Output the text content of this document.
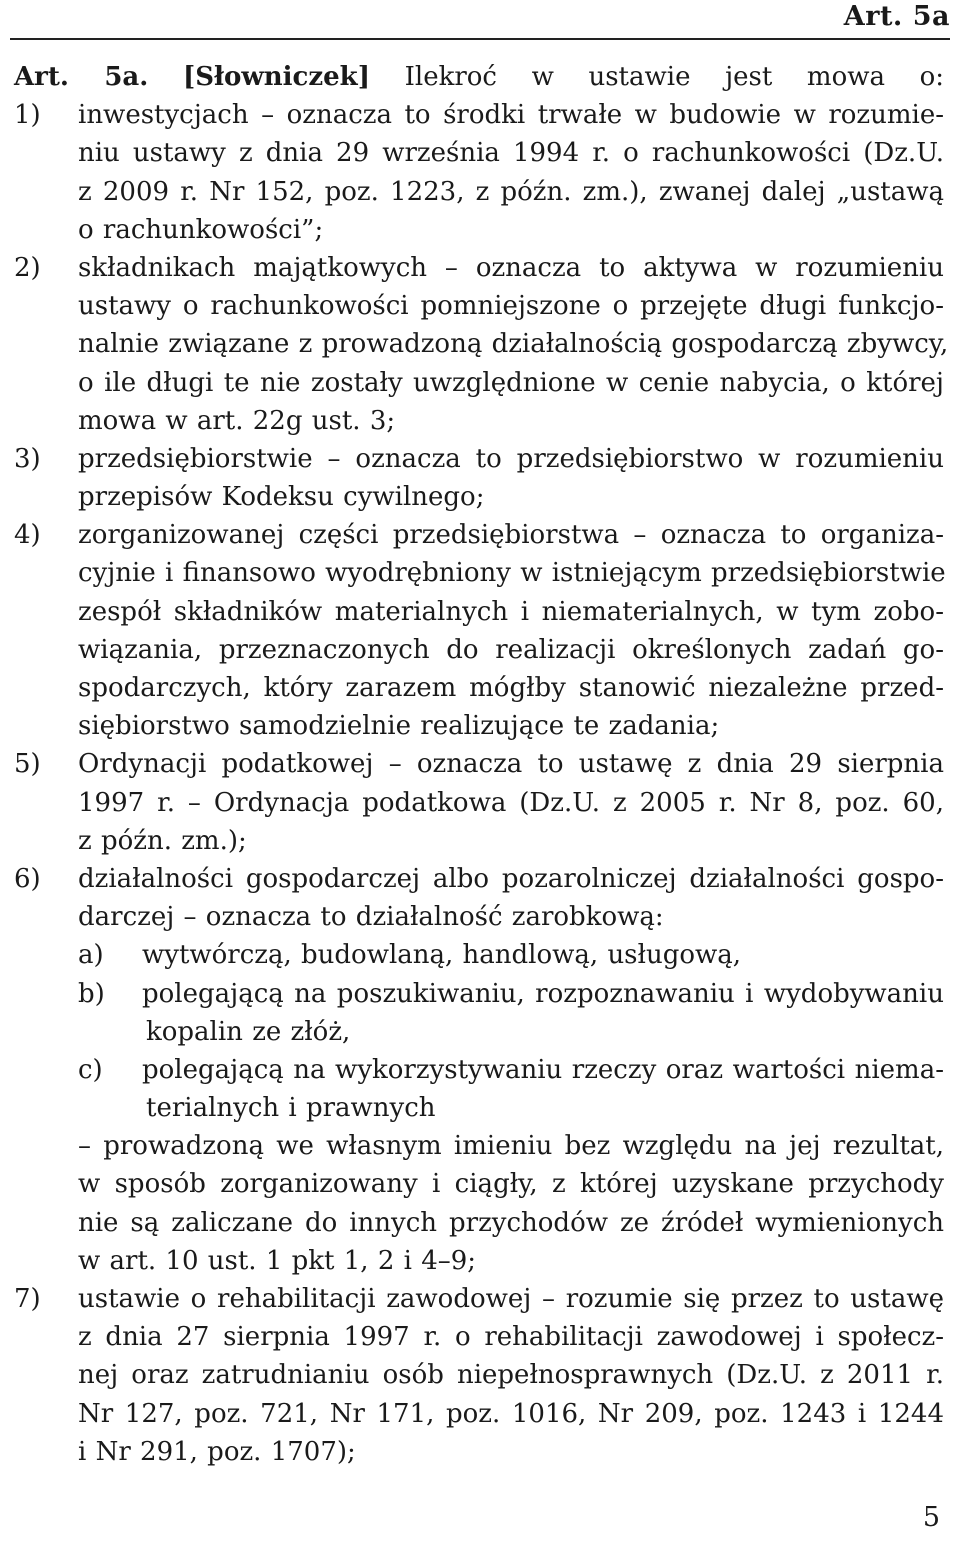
Art. 5a
Art. 5a. [Słowniczek] Ilekroć w ustawie jest mowa o:
1)	inwestycjach – oznacza to środki trwałe w budowie w rozumie-
niu ustawy z dnia 29 września 1994 r. o rachunkowości (Dz.U.
z 2009 r. Nr 152, poz. 1223, z późn. zm.), zwanej dalej „ustawą
o rachunkowości”;
2)	składnikach majątkowych – oznacza to aktywa w rozumieniu
ustawy o rachunkowości pomniejszone o przejęte długi funkcjo-
nalnie związane z prowadzoną działalnością gospodarczą zbywcy,
o ile długi te nie zostały uwzględnione w cenie nabycia, o której
mowa w art. 22g ust. 3;
3)	przedsiębiorstwie – oznacza to przedsiębiorstwo w rozumieniu
przepisów Kodeksu cywilnego;
4)	zorganizowanej części przedsiębiorstwa – oznacza to organiza-
cyjnie i finansowo wyodrębniony w istniejącym przedsiębiorstwie
zespół składników materialnych i niematerialnych, w tym zobo-
wiązania, przeznaczonych do realizacji określonych zadań go-
spodarczych, który zarazem mógłby stanowić niezależne przed-
siębiorstwo samodzielnie realizujące te zadania;
5)	Ordynacji podatkowej – oznacza to ustawę z dnia 29 sierpnia
1997 r. – Ordynacja podatkowa (Dz.U. z 2005 r. Nr 8, poz. 60,
z późn. zm.);
6)	działalności gospodarczej albo pozarolniczej działalności gospo-
darczej – oznacza to działalność zarobkową:
a)	wytwórczą, budowlaną, handlową, usługową,
b)	polegającą na poszukiwaniu, rozpoznawaniu i wydobywaniu
kopalin ze złóż,
c)	polegającą na wykorzystywaniu rzeczy oraz wartości niema-
terialnych i prawnych
– prowadzoną we własnym imieniu bez względu na jej rezultat,
w sposób zorganizowany i ciągły, z której uzyskane przychody
nie są zaliczane do innych przychodów ze źródeł wymienionych
w art. 10 ust. 1 pkt 1, 2 i 4–9;
7)	ustawie o rehabilitacji zawodowej – rozumie się przez to ustawę
z dnia 27 sierpnia 1997 r. o rehabilitacji zawodowej i społecz-
nej oraz zatrudnianiu osób niepełnosprawnych (Dz.U. z 2011 r.
Nr 127, poz. 721, Nr 171, poz. 1016, Nr 209, poz. 1243 i 1244
i Nr 291, poz. 1707);
5
